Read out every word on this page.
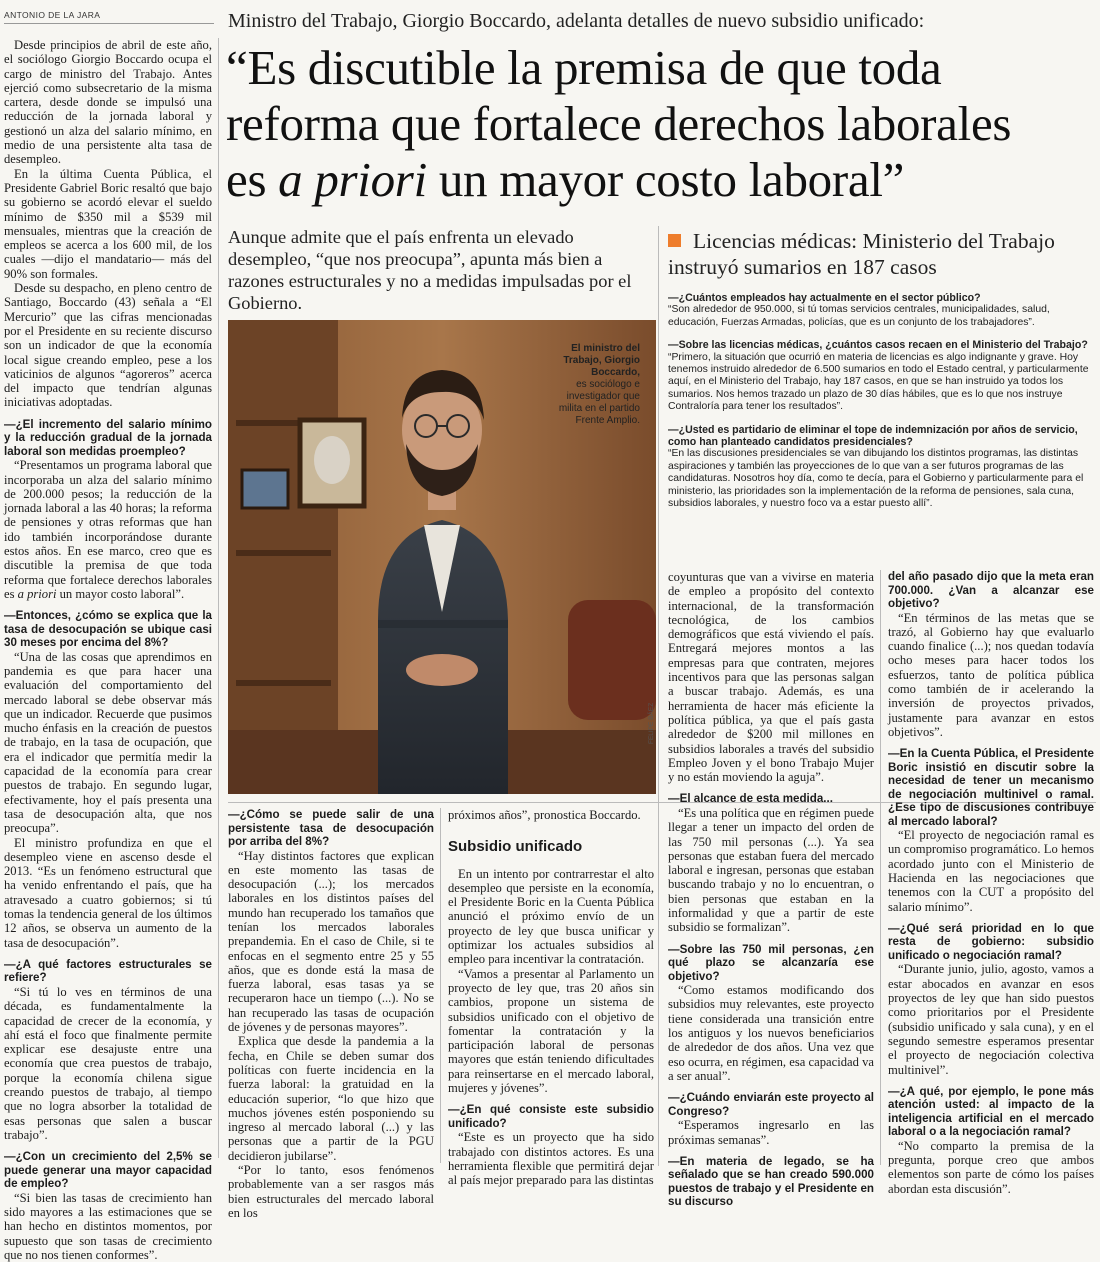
ANTONIO DE LA JARA	Ministro del Trabajo, Giorgio Boccardo, adelanta detalles de nuevo subsidio unificado:
“Es discutible la premisa de que toda
reforma que fortalece derechos laborales
es a priori un mayor costo laboral”
Aunque admite que el país enfrenta un elevado desempleo, “que nos preocupa”, apunta más bien a razones estructurales y no a medidas impulsadas por el Gobierno.

Desde principios de abril de este año, el sociólogo Giorgio Boccardo ocupa el cargo de ministro del Trabajo. Antes ejerció como subsecretario de la misma cartera, desde donde se impulsó una reducción de la jornada laboral y gestionó un alza del salario mínimo, en medio de una persistente alta tasa de desempleo.

En la última Cuenta Pública, el Presidente Gabriel Boric resaltó que bajo su gobierno se acordó elevar el sueldo mínimo de $350 mil a $539 mil mensuales, mientras que la creación de empleos se acerca a los 600 mil, de los cuales —dijo el mandatario— más del 90% son formales.

Desde su despacho, en pleno centro de Santiago, Boccardo (43) señala a “El Mercurio” que las cifras mencionadas por el Presidente en su reciente discurso son un indicador de que la economía local sigue creando empleo, pese a los vaticinios de algunos “agoreros” acerca del impacto que tendrían algunas iniciativas adoptadas.

—¿El incremento del salario mínimo y la reducción gradual de la jornada laboral son medidas proempleo?

“Presentamos un programa laboral que incorporaba un alza del salario mínimo de 200.000 pesos; la reducción de la jornada laboral a las 40 horas; la reforma de pensiones y otras reformas que han ido también incorporándose durante estos años. En ese marco, creo que es discutible la premisa de que toda reforma que fortalece derechos laborales es a priori un mayor costo laboral”.

—Entonces, ¿cómo se explica que la tasa de desocupación se ubique casi 30 meses por encima del 8%?

“Una de las cosas que aprendimos en pandemia es que para hacer una evaluación del comportamiento del mercado laboral se debe observar más que un indicador. Recuerde que pusimos mucho énfasis en la creación de puestos de trabajo, en la tasa de ocupación, que era el indicador que permitía medir la capacidad de la economía para crear puestos de trabajo. En segundo lugar, efectivamente, hoy el país presenta una tasa de desocupación alta, que nos preocupa”.

El ministro profundiza en que el desempleo viene en ascenso desde el 2013. “Es un fenómeno estructural que ha venido enfrentando el país, que ha atravesado a cuatro gobiernos; si tú tomas la tendencia general de los últimos 12 años, se observa un aumento de la tasa de desocupación”.

—¿A qué factores estructurales se refiere?

“Si tú lo ves en términos de una década, es fundamentalmente la capacidad de crecer de la economía, y ahí está el foco que finalmente permite explicar ese desajuste entre una economía que crea puestos de trabajo, porque la economía chilena sigue creando puestos de trabajo, al tiempo que no logra absorber la totalidad de esas personas que salen a buscar trabajo”.

—¿Con un crecimiento del 2,5% se puede generar una mayor capacidad de empleo?

“Si bien las tasas de crecimiento han sido mayores a las estimaciones que se han hecho en distintos momentos, por supuesto que son tasas de crecimiento que no nos tienen conformes”.

El ministro del Trabajo, Giorgio Boccardo,
es sociólogo e investigador que milita en el partido Frente Amplio.
FELIPE BÁEZ
Licencias médicas: Ministerio del Trabajo instruyó sumarios en 187 casos
—¿Cuántos empleados hay actualmente en el sector público?
“Son alrededor de 950.000, si tú tomas servicios centrales, municipalidades, salud, educación, Fuerzas Armadas, policías, que es un conjunto de los trabajadores”.
—Sobre las licencias médicas, ¿cuántos casos recaen en el Ministerio del Trabajo?
“Primero, la situación que ocurrió en materia de licencias es algo indignante y grave. Hoy tenemos instruido alrededor de 6.500 sumarios en todo el Estado central, y particularmente aquí, en el Ministerio del Trabajo, hay 187 casos, en que se han instruido ya todos los sumarios. Nos hemos trazado un plazo de 30 días hábiles, que es lo que nos instruye Contraloría para tener los resultados”.
—¿Usted es partidario de eliminar el tope de indemnización por años de servicio, como han planteado candidatos presidenciales?
“En las discusiones presidenciales se van dibujando los distintos programas, las distintas aspiraciones y también las proyecciones de lo que van a ser futuros programas de las candidaturas. Nosotros hoy día, como te decía, para el Gobierno y particularmente para el ministerio, las prioridades son la implementación de la reforma de pensiones, sala cuna, subsidios laborales, y nuestro foco va a estar puesto allí”.

—¿Cómo se puede salir de una persistente tasa de desocupación por arriba del 8%?

“Hay distintos factores que explican en este momento las tasas de desocupación (...); los mercados laborales en los distintos países del mundo han recuperado los tamaños que tenían los mercados laborales prepandemia. En el caso de Chile, si te enfocas en el segmento entre 25 y 55 años, que es donde está la masa de fuerza laboral, esas tasas ya se recuperaron hace un tiempo (...). No se han recuperado las tasas de ocupación de jóvenes y de personas mayores”.

Explica que desde la pandemia a la fecha, en Chile se deben sumar dos políticas con fuerte incidencia en la fuerza laboral: la gratuidad en la educación superior, “lo que hizo que muchos jóvenes estén posponiendo su ingreso al mercado laboral (...) y las personas que a partir de la PGU decidieron jubilarse”.

“Por lo tanto, esos fenómenos probablemente van a ser rasgos más bien estructurales del mercado laboral en los

próximos años”, pronostica Boccardo.

Subsidio unificado

En un intento por contrarrestar el alto desempleo que persiste en la economía, el Presidente Boric en la Cuenta Pública anunció el próximo envío de un proyecto de ley que busca unificar y optimizar los actuales subsidios al empleo para incentivar la contratación.

“Vamos a presentar al Parlamento un proyecto de ley que, tras 20 años sin cambios, propone un sistema de subsidios unificado con el objetivo de fomentar la contratación y la participación laboral de personas mayores que están teniendo dificultades para reinsertarse en el mercado laboral, mujeres y jóvenes”.

—¿En qué consiste este subsidio unificado?

“Este es un proyecto que ha sido trabajado con distintos actores. Es una herramienta flexible que permitirá dejar al país mejor preparado para las distintas

coyunturas que van a vivirse en materia de empleo a propósito del contexto internacional, de la transformación tecnológica, de los cambios demográficos que está viviendo el país. Entregará mejores montos a las empresas para que contraten, mejores incentivos para que las personas salgan a buscar trabajo. Además, es una herramienta de hacer más eficiente la política pública, ya que el país gasta alrededor de $200 mil millones en subsidios laborales a través del subsidio Empleo Joven y el bono Trabajo Mujer y no están moviendo la aguja”.

—El alcance de esta medida...

“Es una política que en régimen puede llegar a tener un impacto del orden de las 750 mil personas (...). Ya sea personas que estaban fuera del mercado laboral e ingresan, personas que estaban buscando trabajo y no lo encuentran, o bien personas que estaban en la informalidad y que a partir de este subsidio se formalizan”.

—Sobre las 750 mil personas, ¿en qué plazo se alcanzaría ese objetivo?

“Como estamos modificando dos subsidios muy relevantes, este proyecto tiene considerada una transición entre los antiguos y los nuevos beneficiarios de alrededor de dos años. Una vez que eso ocurra, en régimen, esa capacidad va a ser anual”.

—¿Cuándo enviarán este proyecto al Congreso?

“Esperamos ingresarlo en las próximas semanas”.

—En materia de legado, se ha señalado que se han creado 590.000 puestos de trabajo y el Presidente en su discurso

del año pasado dijo que la meta eran 700.000. ¿Van a alcanzar ese objetivo?

“En términos de las metas que se trazó, al Gobierno hay que evaluarlo cuando finalice (...); nos quedan todavía ocho meses para hacer todos los esfuerzos, tanto de política pública como también de ir acelerando la inversión de proyectos privados, justamente para avanzar en estos objetivos”.

—En la Cuenta Pública, el Presidente Boric insistió en discutir sobre la necesidad de tener un mecanismo de negociación multinivel o ramal. ¿Ese tipo de discusiones contribuye al mercado laboral?

“El proyecto de negociación ramal es un compromiso programático. Lo hemos acordado junto con el Ministerio de Hacienda en las negociaciones que tenemos con la CUT a propósito del salario mínimo”.

—¿Qué será prioridad en lo que resta de gobierno: subsidio unificado o negociación ramal?

“Durante junio, julio, agosto, vamos a estar abocados en avanzar en esos proyectos de ley que han sido puestos como prioritarios por el Presidente (subsidio unificado y sala cuna), y en el segundo semestre esperamos presentar el proyecto de negociación colectiva multinivel”.

—¿A qué, por ejemplo, le pone más atención usted: al impacto de la inteligencia artificial en el mercado laboral o a la negociación ramal?

“No comparto la premisa de la pregunta, porque creo que ambos elementos son parte de cómo los países abordan esta discusión”.
